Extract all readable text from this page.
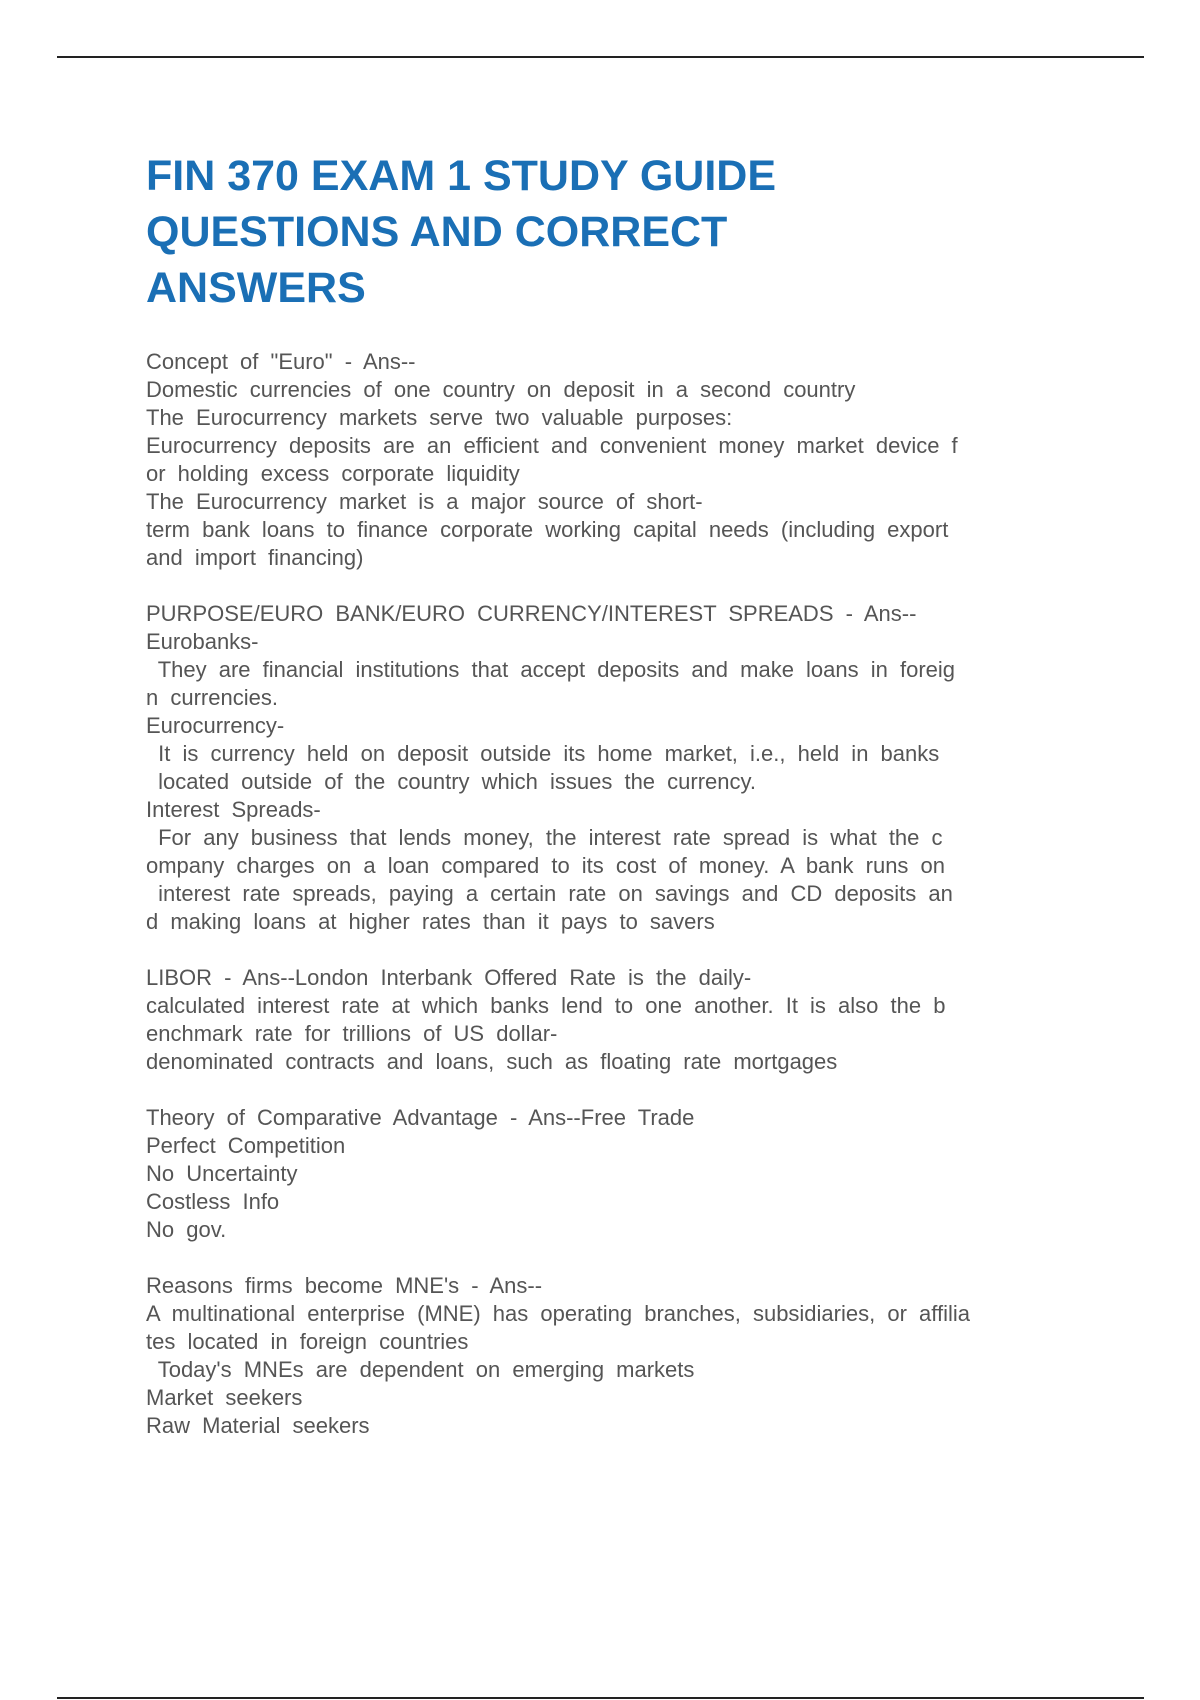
FIN 370 EXAM 1 STUDY GUIDE
QUESTIONS AND CORRECT
ANSWERS
Concept of "Euro" - Ans--
Domestic currencies of one country on deposit in a second country
The Eurocurrency markets serve two valuable purposes:
Eurocurrency deposits are an efficient and convenient money market device f
or holding excess corporate liquidity
The Eurocurrency market is a major source of short-
term bank loans to finance corporate working capital needs (including export
and import financing)
PURPOSE/EURO BANK/EURO CURRENCY/INTEREST SPREADS - Ans--
Eurobanks-
They are financial institutions that accept deposits and make loans in foreig
n currencies.
Eurocurrency-
It is currency held on deposit outside its home market, i.e., held in banks
located outside of the country which issues the currency.
Interest Spreads-
For any business that lends money, the interest rate spread is what the c
ompany charges on a loan compared to its cost of money. A bank runs on
interest rate spreads, paying a certain rate on savings and CD deposits an
d making loans at higher rates than it pays to savers
LIBOR - Ans--London Interbank Offered Rate is the daily-
calculated interest rate at which banks lend to one another. It is also the b
enchmark rate for trillions of US dollar-
denominated contracts and loans, such as floating rate mortgages
Theory of Comparative Advantage - Ans--Free Trade
Perfect Competition
No Uncertainty
Costless Info
No gov.
Reasons firms become MNE's - Ans--
A multinational enterprise (MNE) has operating branches, subsidiaries, or affilia
tes located in foreign countries
Today's MNEs are dependent on emerging markets
Market seekers
Raw Material seekers
